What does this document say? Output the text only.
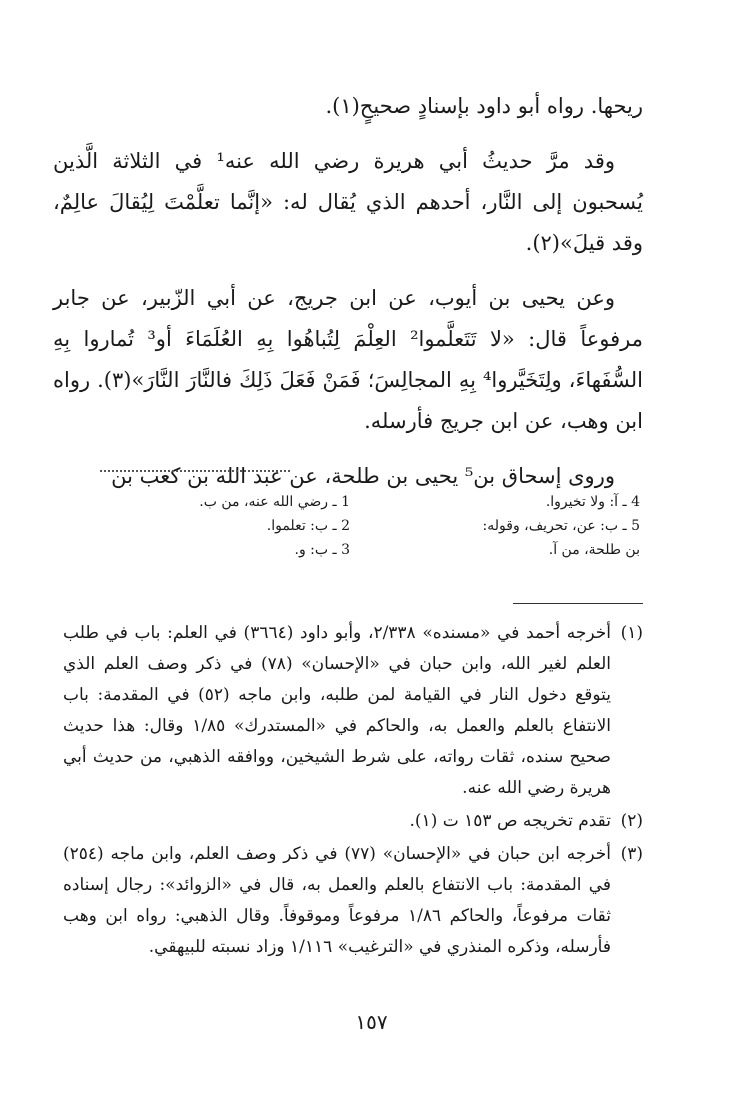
ريحها. رواه أبو داود بإسنادٍ صحيحٍ(١).

وقد مرَّ حديثُ أبي هريرة رضي الله عنه¹ في الثلاثة الَّذين يُسحبون إلى النَّار، أحدهم الذي يُقال له: «إنَّما تعلَّمْتَ لِيُقالَ عالِمٌ، وقد قيلَ»(٢).

وعن يحيى بن أيوب، عن ابن جريج، عن أبي الزّبير، عن جابر مرفوعاً قال: «لا تَتَعلَّموا² العِلْمَ لِتُباهُوا بِهِ العُلَمَاءَ أو³ تُماروا بِهِ السُّفَهاءَ، ولِتَخَيَّروا⁴ بِهِ المجالِسَ؛ فَمَنْ فَعَلَ ذَلِكَ فالنَّارَ النَّارَ»(٣). رواه ابن وهب، عن ابن جريج فأرسله.

وروى إسحاق بن⁵ يحيى بن طلحة، عن عبد الله بن كعب بن

1 ـ رضي الله عنه، من ب.
2 ـ ب: تعلموا.
3 ـ ب: و.
4 ـ آ: ولا تخيروا.
5 ـ ب: عن، تحريف، وقوله:
بن طلحة، من آ.
(١)
أخرجه أحمد في «مسنده» ٢/٣٣٨، وأبو داود (٣٦٦٤) في العلم: باب في طلب العلم لغير الله، وابن حبان في «الإحسان» (٧٨) في ذكر وصف العلم الذي يتوقع دخول النار في القيامة لمن طلبه، وابن ماجه (٥٢) في المقدمة: باب الانتفاع بالعلم والعمل به، والحاكم في «المستدرك» ١/٨٥ وقال: هذا حديث صحيح سنده، ثقات رواته، على شرط الشيخين، ووافقه الذهبي، من حديث أبي هريرة رضي الله عنه.
(٢)
تقدم تخريجه ص ١٥٣ ت (١).
(٣)
أخرجه ابن حبان في «الإحسان» (٧٧) في ذكر وصف العلم، وابن ماجه (٢٥٤) في المقدمة: باب الانتفاع بالعلم والعمل به، قال في «الزوائد»: رجال إسناده ثقات مرفوعاً، والحاكم ١/٨٦ مرفوعاً وموقوفاً. وقال الذهبي: رواه ابن وهب فأرسله، وذكره المنذري في «الترغيب» ١/١١٦ وزاد نسبته للبيهقي.
١٥٧
